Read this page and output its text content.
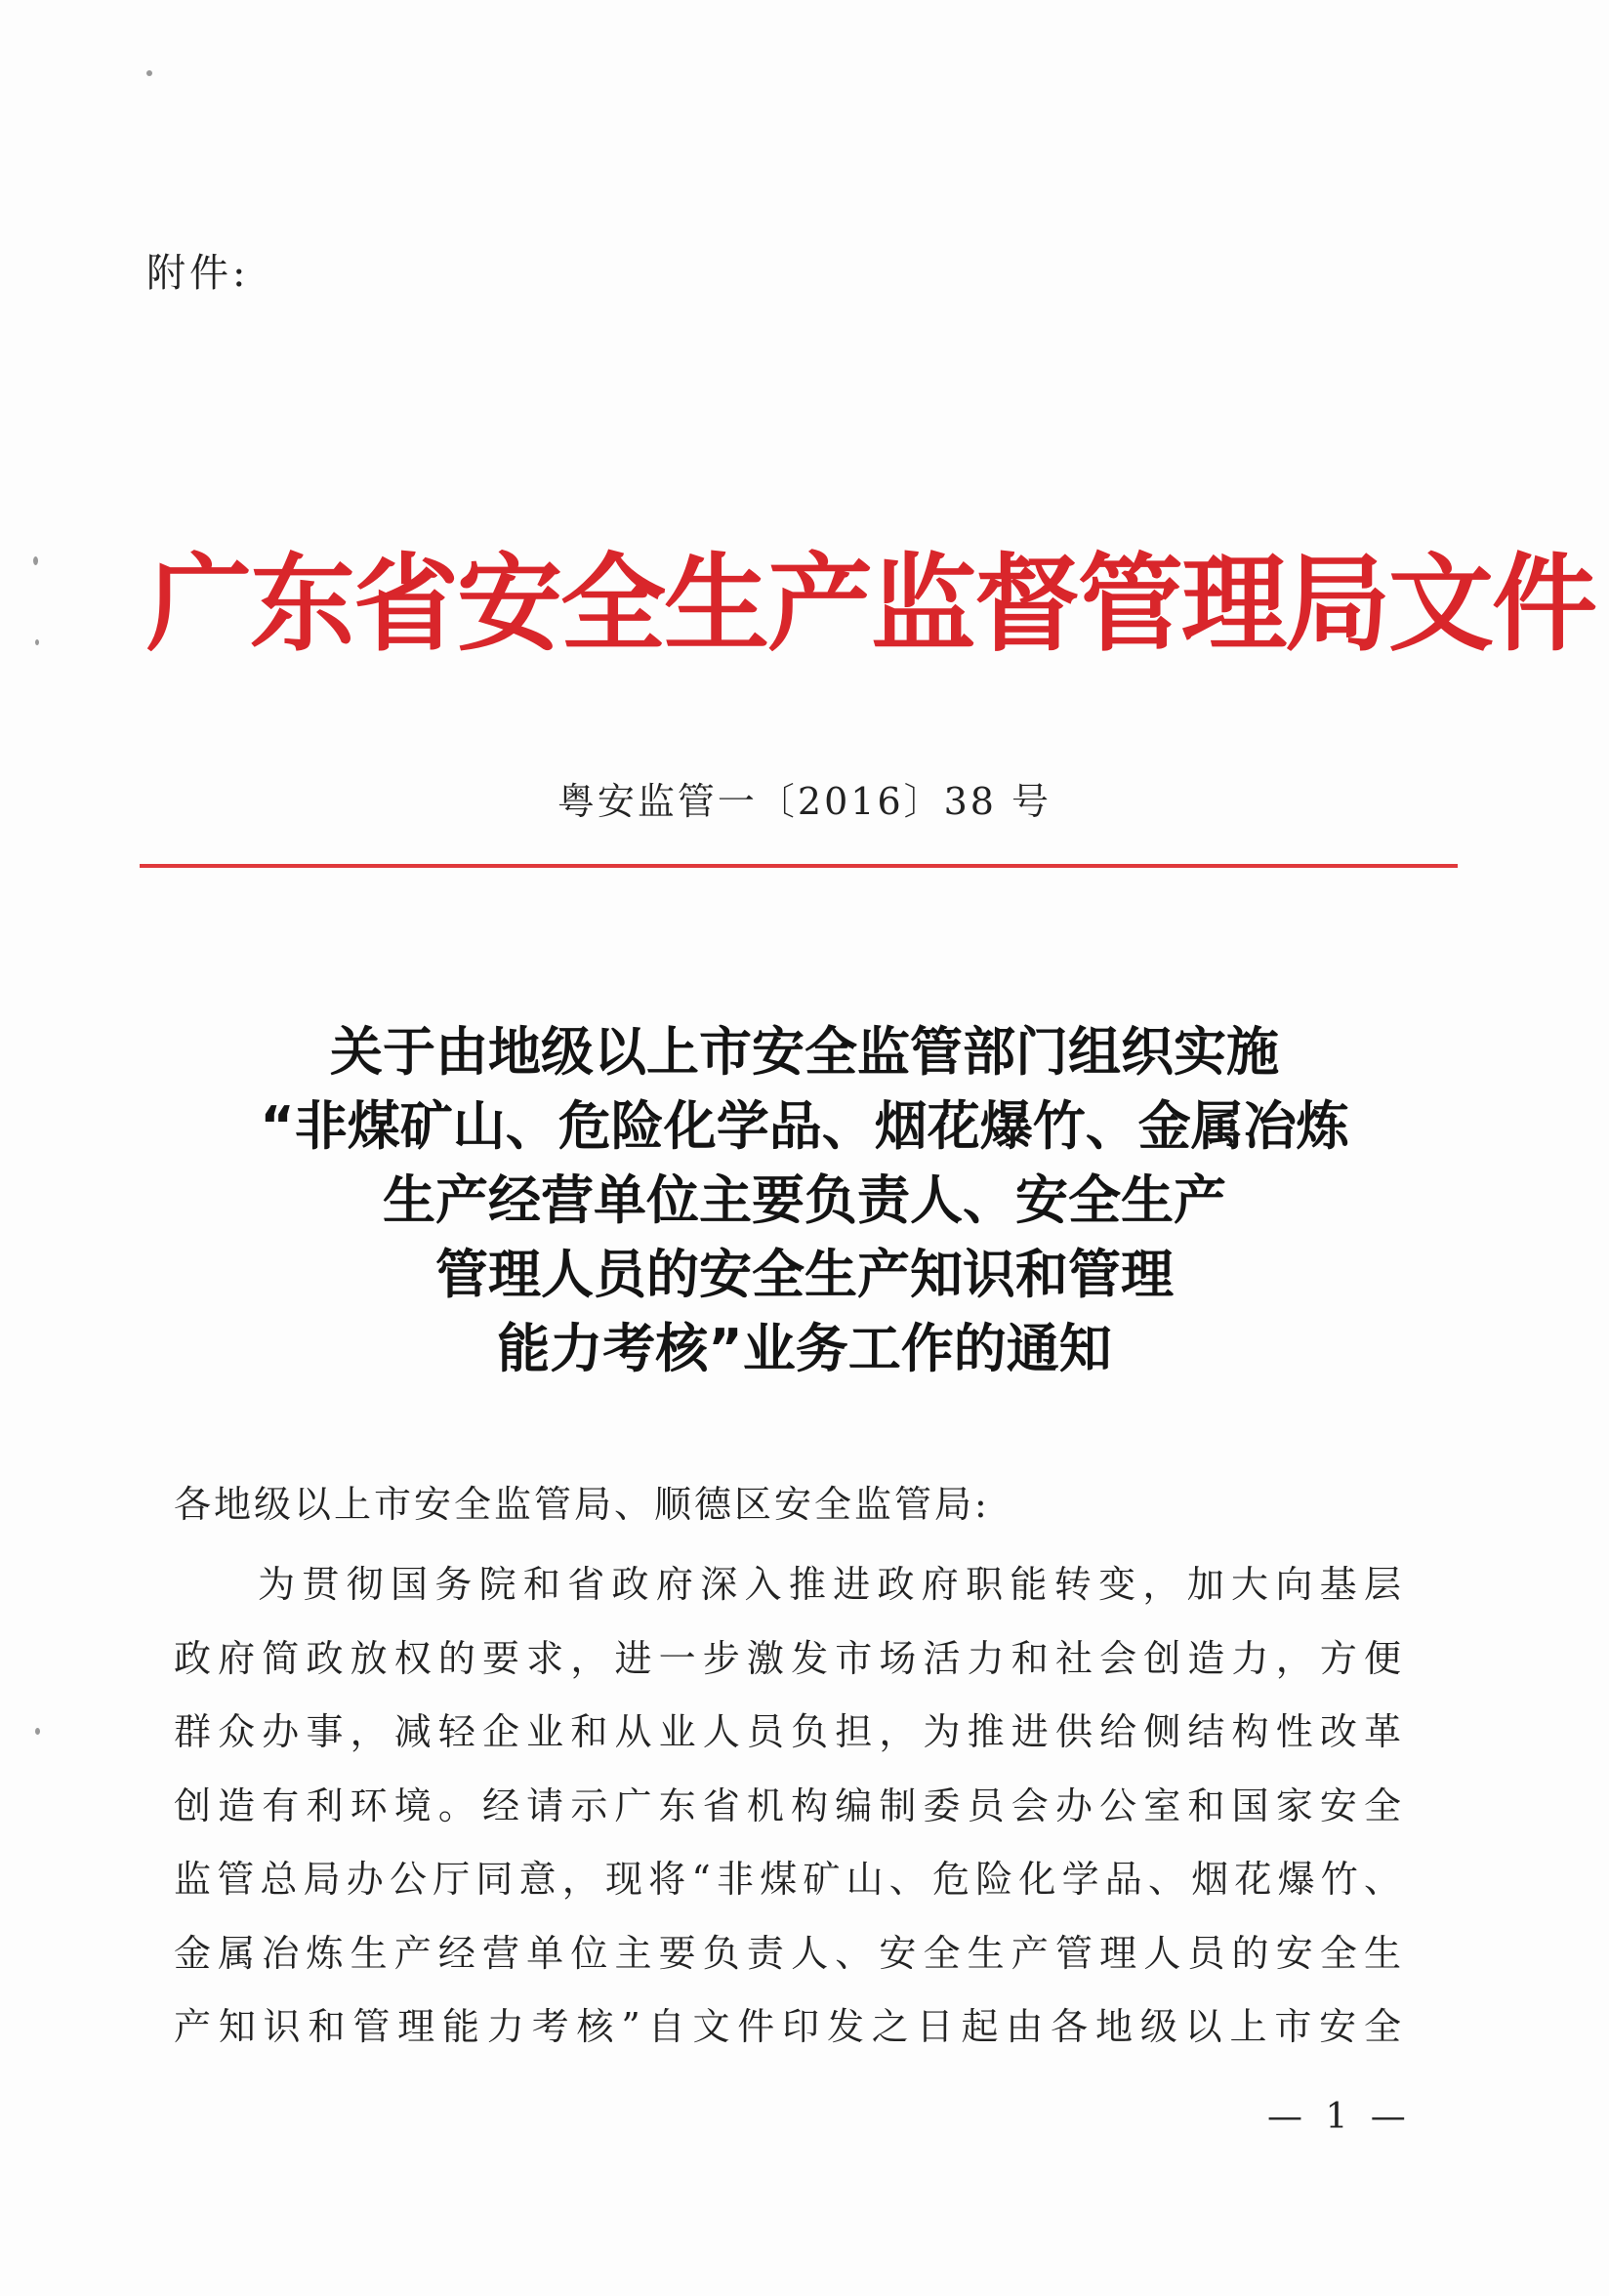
附件:
广东省安全生产监督管理局文件
粤安监管一〔2016〕38 号
关于由地级以上市安全监管部门组织实施
“非煤矿山、危险化学品、烟花爆竹、金属冶炼
生产经营单位主要负责人、安全生产
管理人员的安全生产知识和管理
能力考核”业务工作的通知
各地级以上市安全监管局、顺德区安全监管局:
为贯彻国务院和省政府深入推进政府职能转变，加大向基层
政府简政放权的要求，进一步激发市场活力和社会创造力，方便
群众办事，减轻企业和从业人员负担，为推进供给侧结构性改革
创造有利环境。经请示广东省机构编制委员会办公室和国家安全
监管总局办公厅同意，现将“非煤矿山、危险化学品、烟花爆竹、
金属冶炼生产经营单位主要负责人、安全生产管理人员的安全生
产知识和管理能力考核”自文件印发之日起由各地级以上市安全
— 1 —
